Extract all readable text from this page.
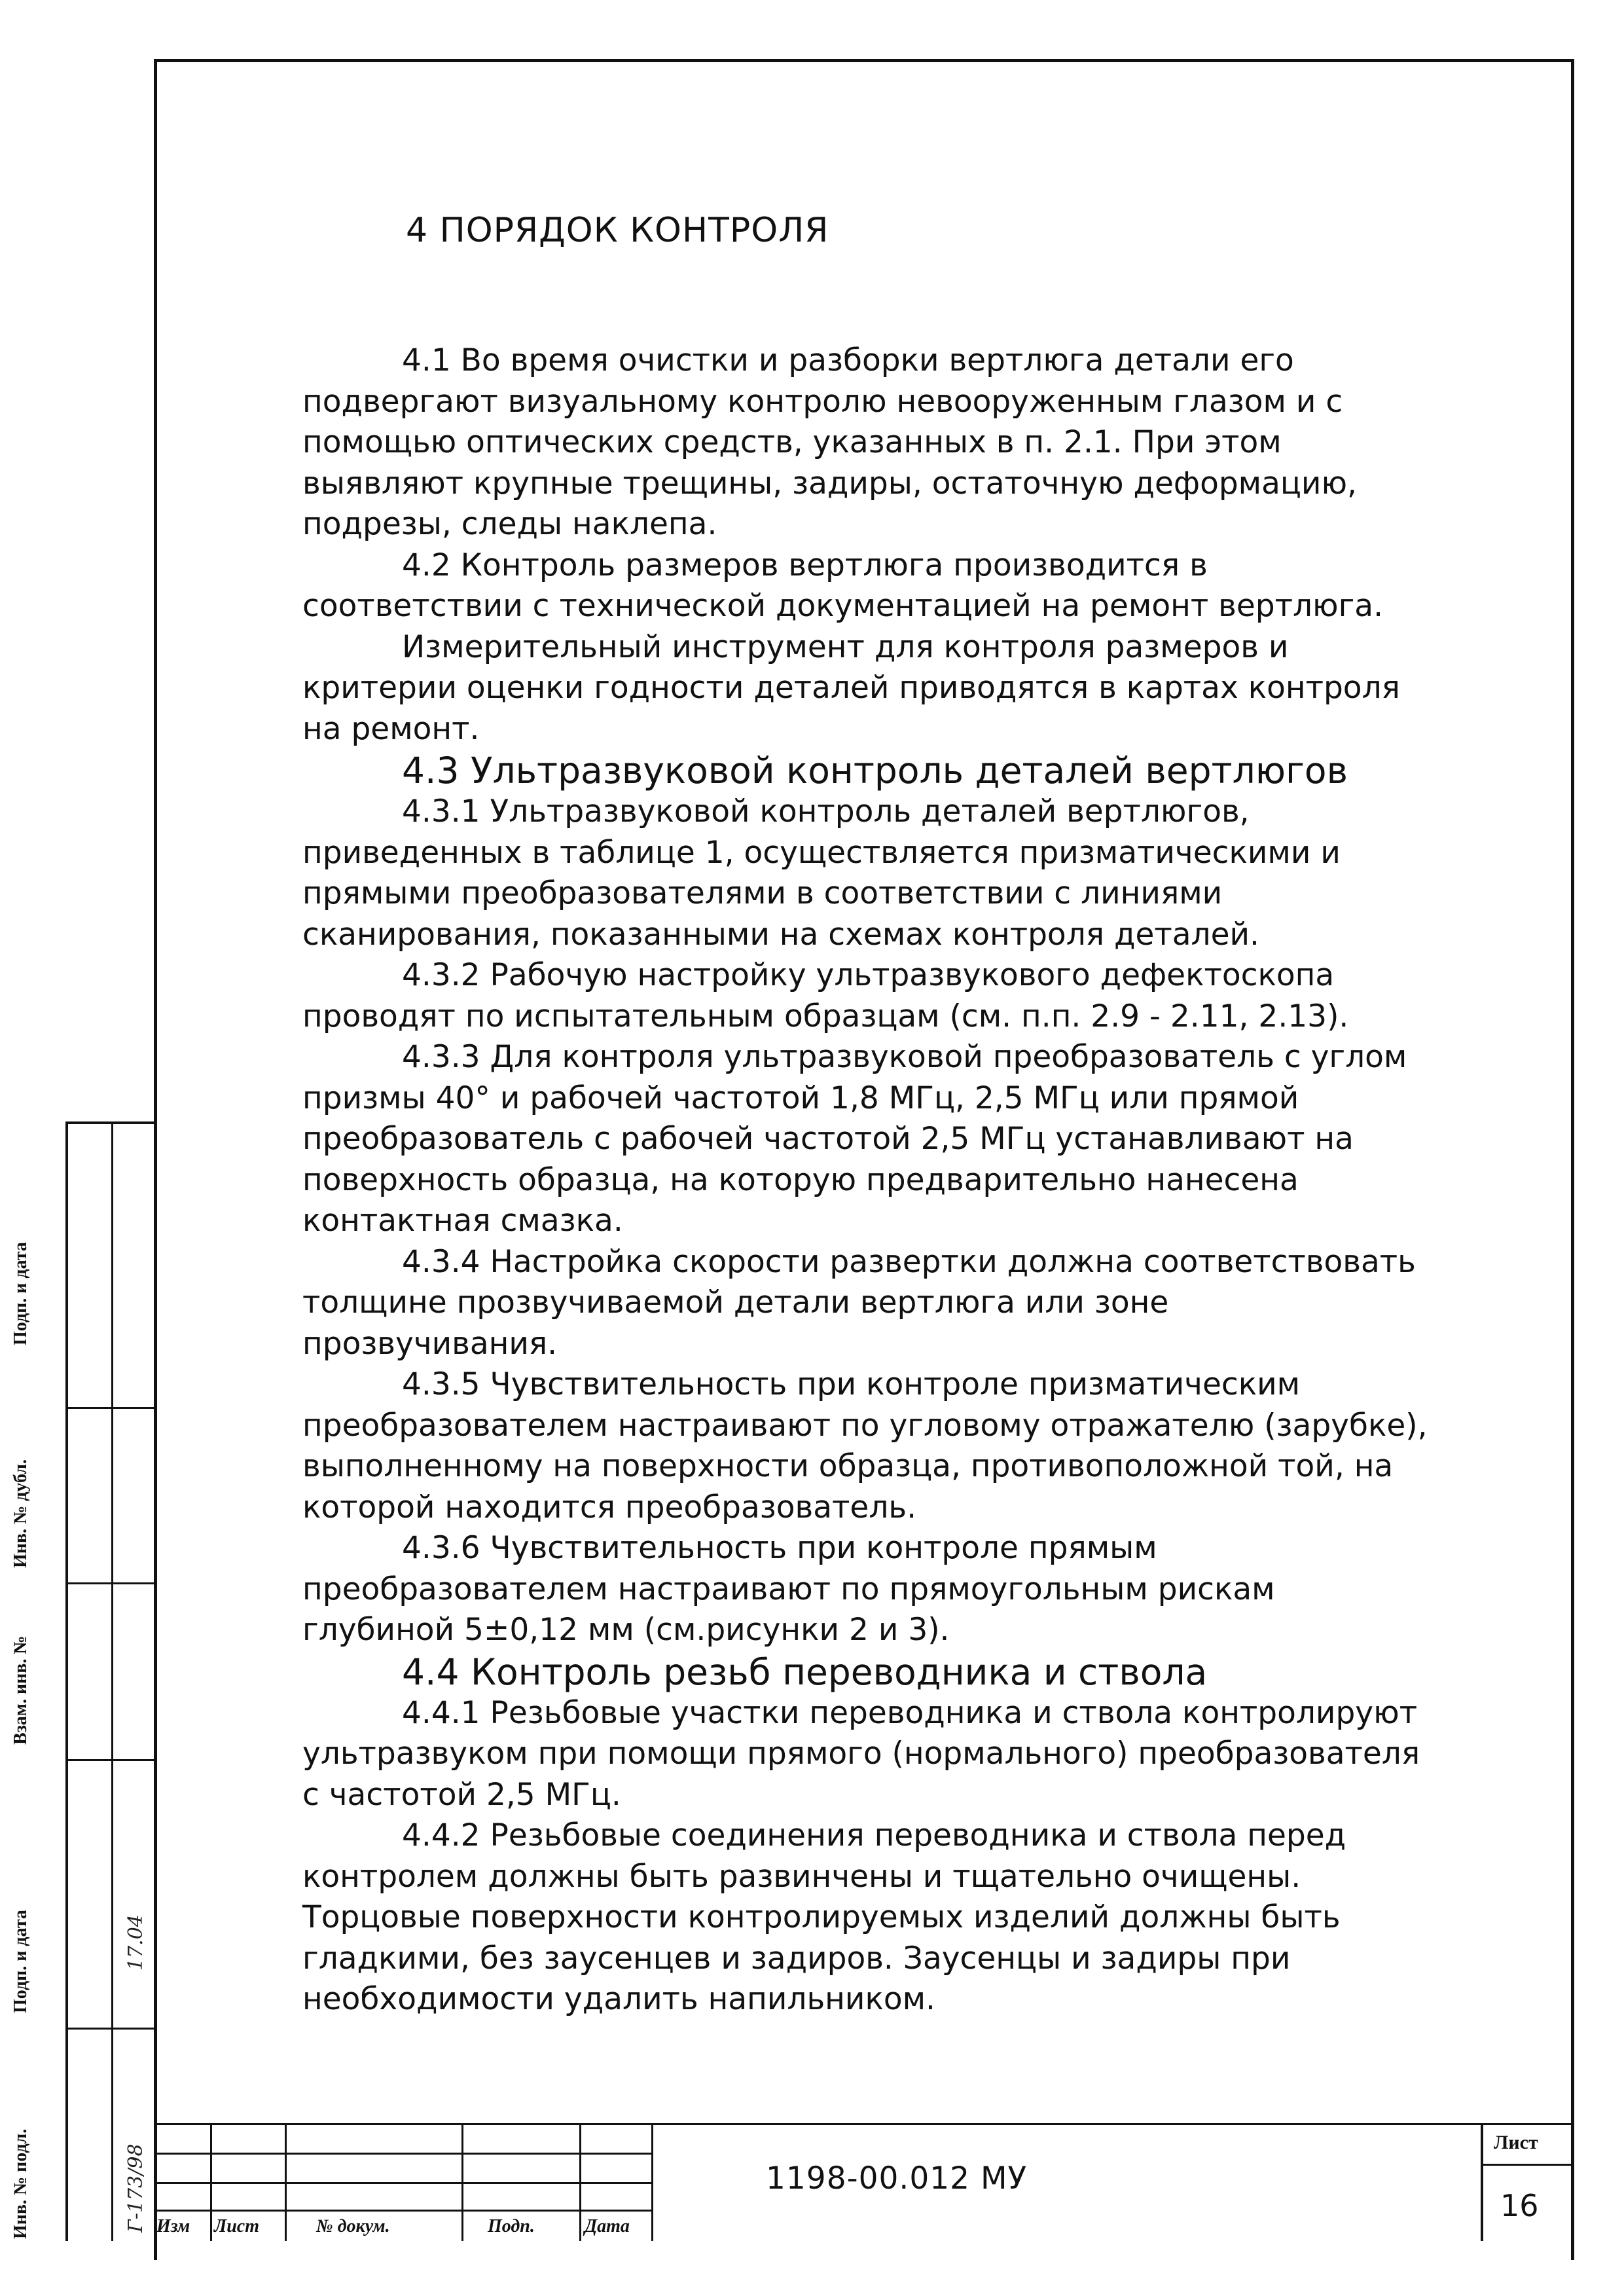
4 ПОРЯДОК КОНТРОЛЯ

4.1 Во время очистки и разборки вертлюга детали его подвергают визуальному контролю невооруженным глазом и с помощью оптических средств, указанных в п. 2.1. При этом выявляют крупные трещины, задиры, остаточную деформацию, подрезы, следы наклепа.

4.2 Контроль размеров вертлюга производится в соответствии с технической документацией на ремонт вертлюга.

Измерительный инструмент для контроля размеров и критерии оценки годности деталей приводятся в картах контроля на ремонт.

4.3 Ультразвуковой контроль деталей вертлюгов

4.3.1 Ультразвуковой контроль деталей вертлюгов, приведенных в таблице 1, осуществляется призматическими и прямыми преобразователями в соответствии с линиями сканирования, показанными на схемах контроля деталей.

4.3.2 Рабочую настройку ультразвукового дефектоскопа проводят по испытательным образцам (см. п.п. 2.9 - 2.11, 2.13).

4.3.3 Для контроля ультразвуковой преобразователь с углом призмы 40° и рабочей частотой 1,8 МГц, 2,5 МГц или прямой преобразователь с рабочей частотой 2,5 МГц устанавливают на поверхность образца, на которую предварительно нанесена контактная смазка.

4.3.4 Настройка скорости развертки должна соответствовать толщине прозвучиваемой детали вертлюга или зоне прозвучивания.

4.3.5 Чувствительность при контроле призматическим преобразователем настраивают по угловому отражателю (зарубке), выполненному на поверхности образца, противоположной той, на которой находится преобразователь.

4.3.6 Чувствительность при контроле прямым преобразователем настраивают по прямоугольным рискам глубиной 5±0,12 мм (см.рисунки 2 и 3).

4.4 Контроль резьб переводника и ствола

4.4.1 Резьбовые участки переводника и ствола контролируют ультразвуком при помощи прямого (нормального) преобразователя с частотой 2,5 МГц.

4.4.2 Резьбовые соединения переводника и ствола перед контролем должны быть развинчены и тщательно очищены. Торцовые поверхности контролируемых изделий должны быть гладкими, без заусенцев и задиров. Заусенцы и задиры при необходимости удалить напильником.

Подп. и дата
Инв. № дубл.
Взам. инв. №
Подп. и дата
Инв. № подл.	Г-173/98
17.04
Изм Лист	№ докум.	Подп.	Дата
1198-00.012 МУ
Лист
16
